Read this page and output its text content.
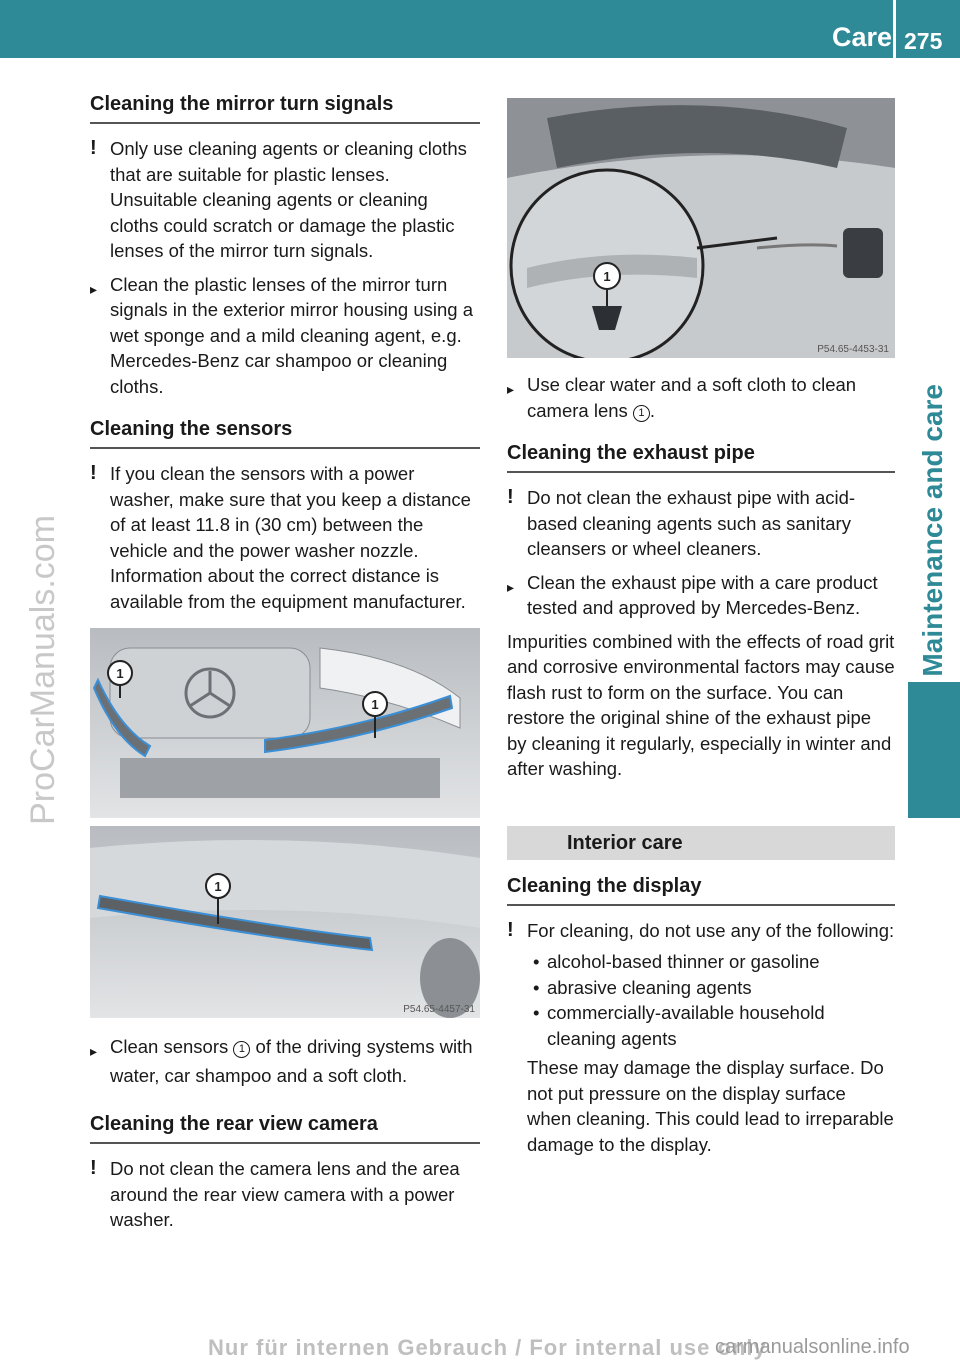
Care 275
Maintenance and care
ProCarManuals.com
Cleaning the mirror turn signals

! Only use cleaning agents or cleaning cloths that are suitable for plastic lenses. Unsuitable cleaning agents or cleaning cloths could scratch or damage the plastic lenses of the mirror turn signals.

▸ Clean the plastic lenses of the mirror turn signals in the exterior mirror housing using a wet sponge and a mild cleaning agent, e.g. Mercedes-Benz car shampoo or cleaning cloths.

Cleaning the sensors

! If you clean the sensors with a power washer, make sure that you keep a distance of at least 11.8 in (30 cm) between the vehicle and the power washer nozzle. Information about the correct distance is available from the equipment manufacturer.

1
1
1
P54.65-4457-31

▸ Clean sensors 1 of the driving systems with water, car shampoo and a soft cloth.

Cleaning the rear view camera

! Do not clean the camera lens and the area around the rear view camera with a power washer.

1
P54.65-4453-31

▸ Use clear water and a soft cloth to clean camera lens 1 .

Cleaning the exhaust pipe

! Do not clean the exhaust pipe with acid-based cleaning agents such as sanitary cleansers or wheel cleaners.

▸ Clean the exhaust pipe with a care product tested and approved by Mercedes-Benz.

Impurities combined with the effects of road grit and corrosive environmental factors may cause flash rust to form on the surface. You can restore the original shine of the exhaust pipe by cleaning it regularly, especially in winter and after washing.

Interior care
Cleaning the display
! For cleaning, do not use any of the following:
• alcohol-based thinner or gasoline
• abrasive cleaning agents
• commercially-available household cleaning agents

These may damage the display surface. Do not put pressure on the display surface when cleaning. This could lead to irreparable damage to the display.

Nur für internen Gebrauch / For internal use only
carmanualsonline.info
